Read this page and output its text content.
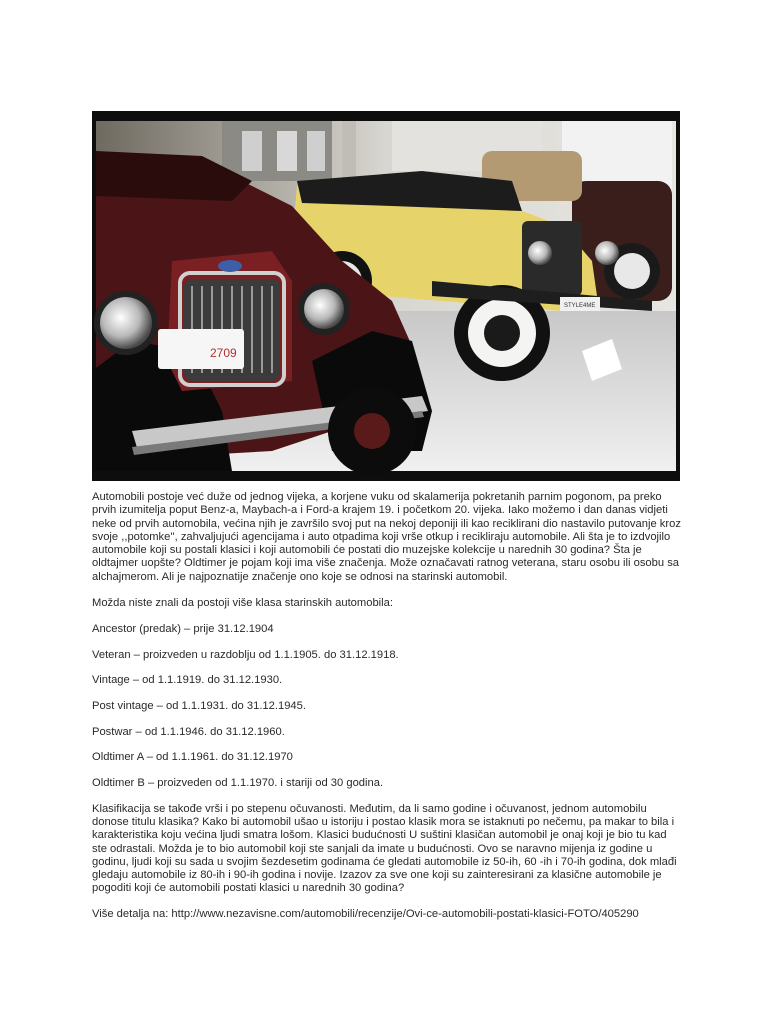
STYLE4ME
2709

Automobili postoje već duže od jednog vijeka, a korjene vuku od skalamerija pokretanih parnim pogonom, pa preko prvih izumitelja poput Benz-a, Maybach-a i Ford-a krajem 19. i početkom 20. vijeka. Iako možemo i dan danas vidjeti neke od prvih automobila, većina njih je završilo svoj put na nekoj deponiji ili kao reciklirani dio nastavilo putovanje kroz svoje ,,potomke'', zahvaljujući agencijama i auto otpadima koji vrše otkup i recikliraju automobile. Ali šta je to izdvojilo automobile koji su postali klasici i koji automobili će postati dio muzejske kolekcije u narednih 30 godina? Šta je oldtajmer uopšte? Oldtimer je pojam koji ima više značenja. Može označavati ratnog veterana, staru osobu ili osobu sa alchajmerom. Ali je najpoznatije značenje ono koje se odnosi na starinski automobil.

Možda niste znali da postoji više klasa starinskih automobila:

Ancestor (predak) – prije 31.12.1904

Veteran – proizveden u razdoblju od 1.1.1905. do 31.12.1918.

Vintage – od 1.1.1919. do 31.12.1930.

Post vintage – od 1.1.1931. do 31.12.1945.

Postwar – od 1.1.1946. do 31.12.1960.

Oldtimer A – od 1.1.1961. do 31.12.1970

Oldtimer B – proizveden od 1.1.1970. i stariji od 30 godina.

Klasifikacija se takođe vrši i po stepenu očuvanosti. Međutim, da li samo godine i očuvanost, jednom automobilu donose titulu klasika? Kako bi automobil ušao u istoriju i postao klasik mora se istaknuti po nečemu, pa makar to bila i karakteristika koju većina ljudi smatra lošom. Klasici budućnosti U suštini klasičan automobil je onaj koji je bio tu kad ste odrastali. Možda je to bio automobil koji ste sanjali da imate u budućnosti. Ovo se naravno mijenja iz godine u godinu, ljudi koji su sada u svojim šezdesetim godinama će gledati automobile iz 50-ih, 60 -ih i 70-ih godina, dok mlađi gledaju automobile iz 80-ih i 90-ih godina i novije. Izazov za sve one koji su zainteresirani za klasične automobile je pogoditi koji će automobili postati klasici u narednih 30 godina?

Više detalja na: http://www.nezavisne.com/automobili/recenzije/Ovi-ce-automobili-postati-klasici-FOTO/405290
